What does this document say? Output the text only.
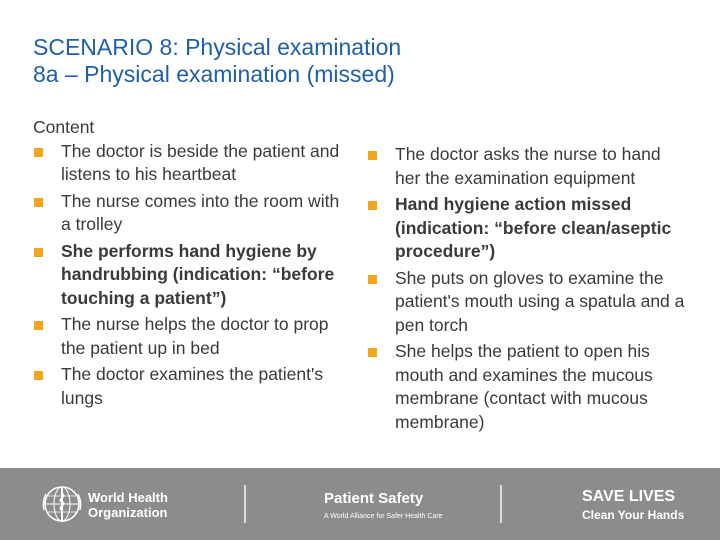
SCENARIO 8: Physical examination
8a – Physical examination (missed)
Content
The doctor is beside the patient and listens to his heartbeat
The nurse comes into the room with a trolley
She performs hand hygiene by handrubbing (indication: “before touching a patient”)
The nurse helps the doctor to prop the patient up in bed
The doctor examines the patient's lungs
The doctor asks the nurse to hand her the examination equipment
Hand hygiene action missed (indication: “before clean/aseptic procedure”)
She puts on gloves to examine the patient's mouth using a spatula and a pen torch
She helps the patient to open his mouth and examines the mucous membrane (contact with mucous membrane)
World Health
Organization
Patient Safety
A World Alliance for Safer Health Care
SAVE LIVES
Clean Your Hands
